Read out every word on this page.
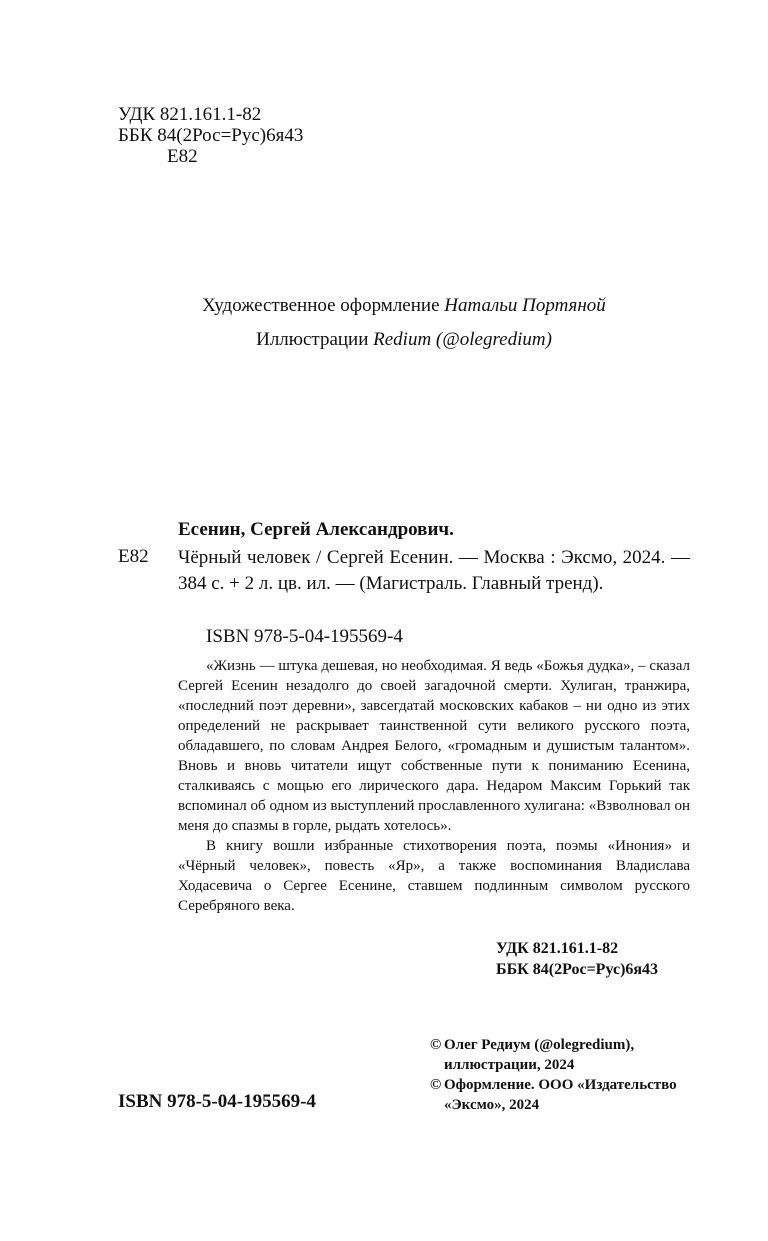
УДК 821.161.1-82
ББК 84(2Рос=Рус)6я43
Е82
Художественное оформление Натальи Портяной
Иллюстрации Redium (@olegredium)
Есенин, Сергей Александрович.
Е82 Чёрный человек / Сергей Есенин. — Москва : Эксмо, 2024. — 384 с. + 2 л. цв. ил. — (Магистраль. Главный тренд).
ISBN 978-5-04-195569-4

«Жизнь — штука дешевая, но необходимая. Я ведь «Божья дудка», – сказал Сергей Есенин незадолго до своей загадочной смерти. Хулиган, транжира, «последний поэт деревни», завсегдатай московских кабаков – ни одно из этих определений не раскрывает таинственной сути великого русского поэта, обладавшего, по словам Андрея Белого, «громадным и душистым талантом». Вновь и вновь читатели ищут собственные пути к пониманию Есенина, сталкиваясь с мощью его лирического дара. Недаром Максим Горький так вспоминал об одном из выступлений прославленного хулигана: «Взволновал он меня до спазмы в горле, рыдать хотелось».

В книгу вошли избранные стихотворения поэта, поэмы «Инония» и «Чёрный человек», повесть «Яр», а также воспоминания Владислава Ходасевича о Сергее Есенине, ставшем подлинным символом русского Серебряного века.

УДК 821.161.1-82
ББК 84(2Рос=Рус)6я43
© Олег Редиум (@olegredium),
иллюстрации, 2024
© Оформление. ООО «Издательство
«Эксмо», 2024
ISBN 978-5-04-195569-4
